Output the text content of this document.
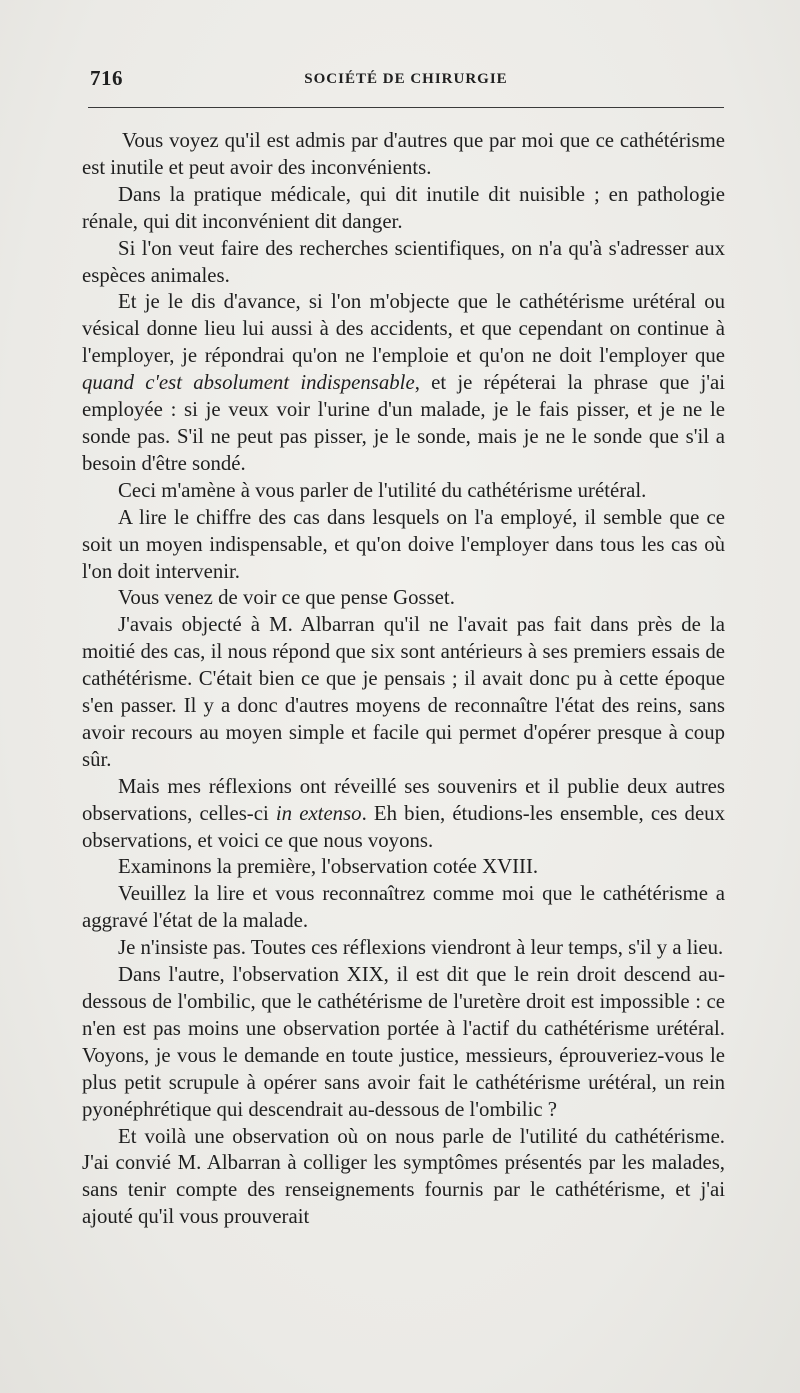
716	SOCIÉTÉ DE CHIRURGIE

Vous voyez qu'il est admis par d'autres que par moi que ce cathétérisme est inutile et peut avoir des inconvénients.

Dans la pratique médicale, qui dit inutile dit nuisible ; en pathologie rénale, qui dit inconvénient dit danger.

Si l'on veut faire des recherches scientifiques, on n'a qu'à s'adresser aux espèces animales.

Et je le dis d'avance, si l'on m'objecte que le cathétérisme urétéral ou vésical donne lieu lui aussi à des accidents, et que cependant on continue à l'employer, je répondrai qu'on ne l'emploie et qu'on ne doit l'employer que quand c'est absolument indispensable, et je répéterai la phrase que j'ai employée : si je veux voir l'urine d'un malade, je le fais pisser, et je ne le sonde pas. S'il ne peut pas pisser, je le sonde, mais je ne le sonde que s'il a besoin d'être sondé.

Ceci m'amène à vous parler de l'utilité du cathétérisme urétéral.

A lire le chiffre des cas dans lesquels on l'a employé, il semble que ce soit un moyen indispensable, et qu'on doive l'employer dans tous les cas où l'on doit intervenir.

Vous venez de voir ce que pense Gosset.

J'avais objecté à M. Albarran qu'il ne l'avait pas fait dans près de la moitié des cas, il nous répond que six sont antérieurs à ses premiers essais de cathétérisme. C'était bien ce que je pensais ; il avait donc pu à cette époque s'en passer. Il y a donc d'autres moyens de reconnaître l'état des reins, sans avoir recours au moyen simple et facile qui permet d'opérer presque à coup sûr.

Mais mes réflexions ont réveillé ses souvenirs et il publie deux autres observations, celles-ci in extenso. Eh bien, étudions-les ensemble, ces deux observations, et voici ce que nous voyons.

Examinons la première, l'observation cotée XVIII.

Veuillez la lire et vous reconnaîtrez comme moi que le cathétérisme a aggravé l'état de la malade.

Je n'insiste pas. Toutes ces réflexions viendront à leur temps, s'il y a lieu.

Dans l'autre, l'observation XIX, il est dit que le rein droit descend au-dessous de l'ombilic, que le cathétérisme de l'uretère droit est impossible : ce n'en est pas moins une observation portée à l'actif du cathétérisme urétéral. Voyons, je vous le demande en toute justice, messieurs, éprouveriez-vous le plus petit scrupule à opérer sans avoir fait le cathétérisme urétéral, un rein pyonéphrétique qui descendrait au-dessous de l'ombilic ?

Et voilà une observation où on nous parle de l'utilité du cathétérisme. J'ai convié M. Albarran à colliger les symptômes présentés par les malades, sans tenir compte des renseignements fournis par le cathétérisme, et j'ai ajouté qu'il vous prouverait
